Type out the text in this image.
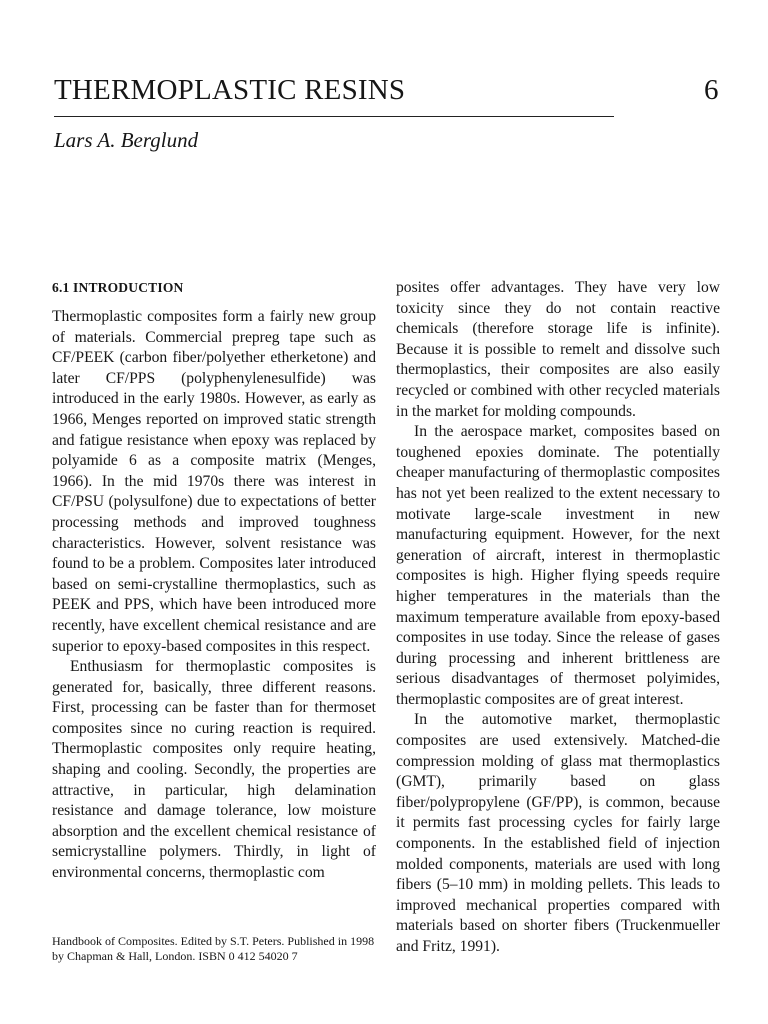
THERMOPLASTIC RESINS	6
Lars A. Berglund
6.1 INTRODUCTION

Thermoplastic composites form a fairly new group of materials. Commercial prepreg tape such as CF/PEEK (carbon fiber/polyether etherketone) and later CF/PPS (polyphenylenesulfide) was introduced in the early 1980s. However, as early as 1966, Menges reported on improved static strength and fatigue resistance when epoxy was replaced by polyamide 6 as a composite matrix (Menges, 1966). In the mid 1970s there was interest in CF/PSU (polysulfone) due to expectations of better processing methods and improved toughness characteristics. However, solvent resistance was found to be a problem. Composites later introduced based on semi-crystalline thermoplastics, such as PEEK and PPS, which have been introduced more recently, have excellent chemical resistance and are superior to epoxy-based composites in this respect.

Enthusiasm for thermoplastic composites is generated for, basically, three different reasons. First, processing can be faster than for thermoset composites since no curing reaction is required. Thermoplastic composites only require heating, shaping and cooling. Secondly, the properties are attractive, in particular, high delamination resistance and damage tolerance, low moisture absorption and the excellent chemical resistance of semicrystalline polymers. Thirdly, in light of environmental concerns, thermoplastic com

posites offer advantages. They have very low toxicity since they do not contain reactive chemicals (therefore storage life is infinite). Because it is possible to remelt and dissolve such thermoplastics, their composites are also easily recycled or combined with other recycled materials in the market for molding compounds.

In the aerospace market, composites based on toughened epoxies dominate. The potentially cheaper manufacturing of thermoplastic composites has not yet been realized to the extent necessary to motivate large-scale investment in new manufacturing equipment. However, for the next generation of aircraft, interest in thermoplastic composites is high. Higher flying speeds require higher temperatures in the materials than the maximum temperature available from epoxy-based composites in use today. Since the release of gases during processing and inherent brittleness are serious disadvantages of thermoset polyimides, thermoplastic composites are of great interest.

In the automotive market, thermoplastic composites are used extensively. Matched-die compression molding of glass mat thermoplastics (GMT), primarily based on glass fiber/polypropylene (GF/PP), is common, because it permits fast processing cycles for fairly large components. In the established field of injection molded components, materials are used with long fibers (5–10 mm) in molding pellets. This leads to improved mechanical properties compared with materials based on shorter fibers (Truckenmueller and Fritz, 1991).

Handbook of Composites. Edited by S.T. Peters. Published in 1998 by Chapman & Hall, London. ISBN 0 412 54020 7
